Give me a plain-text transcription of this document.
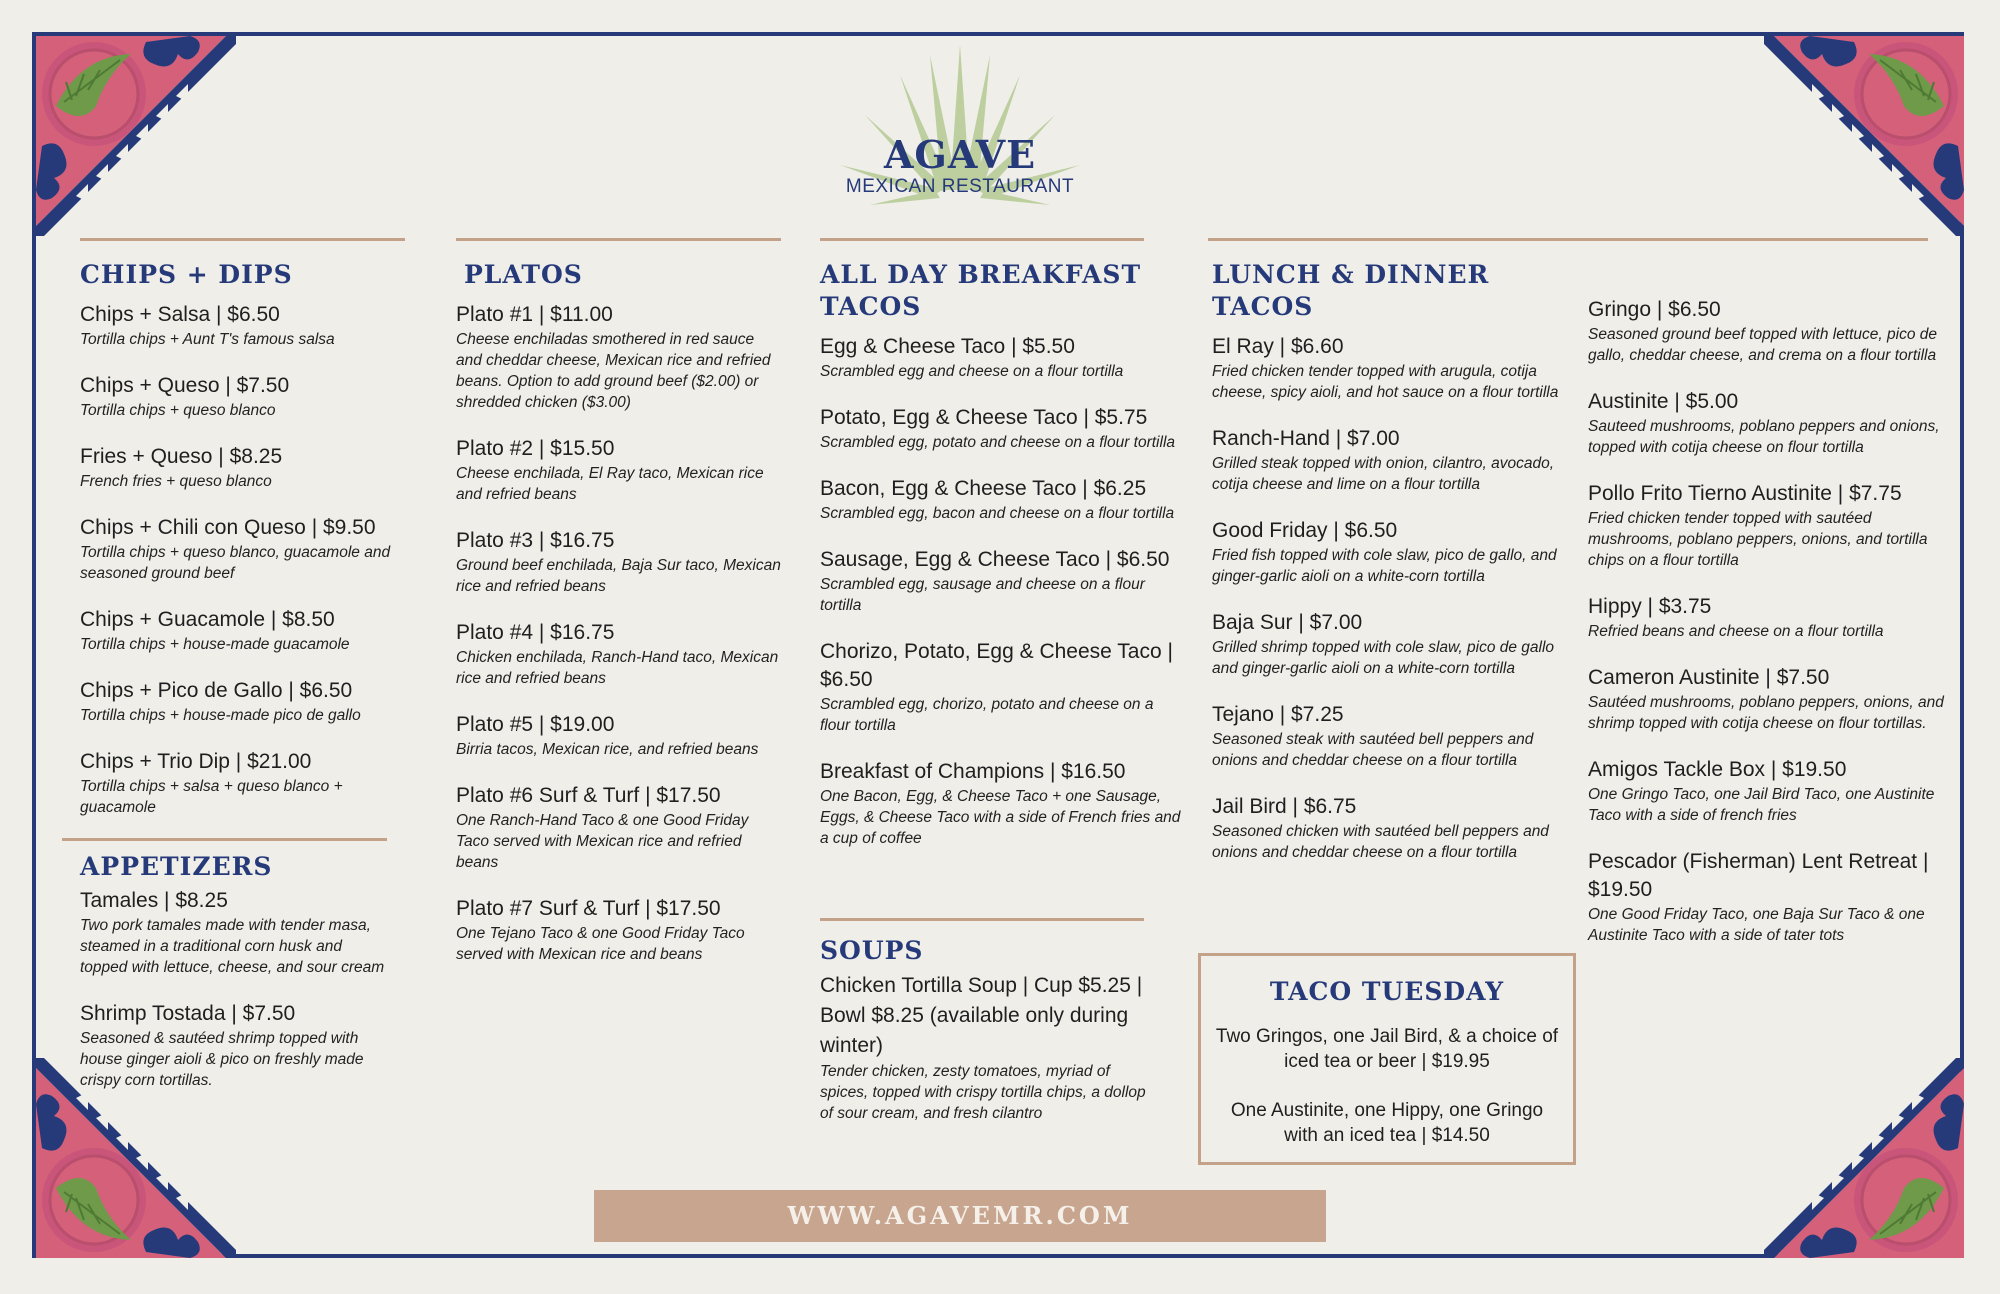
AGAVE
MEXICAN RESTAURANT
CHIPS + DIPS
Chips + Salsa | $6.50
Tortilla chips + Aunt T's famous salsa
Chips + Queso | $7.50
Tortilla chips + queso blanco
Fries + Queso | $8.25
French fries + queso blanco
Chips + Chili con Queso | $9.50
Tortilla chips + queso blanco, guacamole and seasoned ground beef
Chips + Guacamole | $8.50
Tortilla chips + house-made guacamole
Chips + Pico de Gallo | $6.50
Tortilla chips + house-made pico de gallo
Chips + Trio Dip | $21.00
Tortilla chips + salsa + queso blanco + guacamole
APPETIZERS
Tamales | $8.25
Two pork tamales made with tender masa, steamed in a traditional corn husk and topped with lettuce, cheese, and sour cream
Shrimp Tostada | $7.50
Seasoned & sautéed shrimp topped with house ginger aioli & pico on freshly made crispy corn tortillas.
PLATOS
Plato #1 | $11.00
Cheese enchiladas smothered in red sauce and cheddar cheese, Mexican rice and refried beans. Option to add ground beef ($2.00) or shredded chicken ($3.00)
Plato #2 | $15.50
Cheese enchilada, El Ray taco, Mexican rice and refried beans
Plato #3 | $16.75
Ground beef enchilada, Baja Sur taco, Mexican rice and refried beans
Plato #4 | $16.75
Chicken enchilada, Ranch-Hand taco, Mexican rice and refried beans
Plato #5 | $19.00
Birria tacos, Mexican rice, and refried beans
Plato #6 Surf & Turf | $17.50
One Ranch-Hand Taco & one Good Friday Taco served with Mexican rice and refried beans
Plato #7 Surf & Turf | $17.50
One Tejano Taco & one Good Friday Taco served with Mexican rice and beans
ALL DAY BREAKFAST TACOS
Egg & Cheese Taco | $5.50
Scrambled egg and cheese on a flour tortilla
Potato, Egg & Cheese Taco | $5.75
Scrambled egg, potato and cheese on a flour tortilla
Bacon, Egg & Cheese Taco | $6.25
Scrambled egg, bacon and cheese on a flour tortilla
Sausage, Egg & Cheese Taco | $6.50
Scrambled egg, sausage and cheese on a flour tortilla
Chorizo, Potato, Egg & Cheese Taco | $6.50
Scrambled egg, chorizo, potato and cheese on a flour tortilla
Breakfast of Champions | $16.50
One Bacon, Egg, & Cheese Taco + one Sausage, Eggs, & Cheese Taco with a side of French fries and a cup of coffee
SOUPS
Chicken Tortilla Soup | Cup $5.25 | Bowl $8.25 (available only during winter)
Tender chicken, zesty tomatoes, myriad of spices, topped with crispy tortilla chips, a dollop of sour cream, and fresh cilantro
LUNCH & DINNER TACOS
El Ray | $6.60
Fried chicken tender topped with arugula, cotija cheese, spicy aioli, and hot sauce on a flour tortilla
Ranch-Hand | $7.00
Grilled steak topped with onion, cilantro, avocado, cotija cheese and lime on a flour tortilla
Good Friday | $6.50
Fried fish topped with cole slaw, pico de gallo, and ginger-garlic aioli on a white-corn tortilla
Baja Sur | $7.00
Grilled shrimp topped with cole slaw, pico de gallo and ginger-garlic aioli on a white-corn tortilla
Tejano | $7.25
Seasoned steak with sautéed bell peppers and onions and cheddar cheese on a flour tortilla
Jail Bird | $6.75
Seasoned chicken with sautéed bell peppers and onions and cheddar cheese on a flour tortilla
Gringo | $6.50
Seasoned ground beef topped with lettuce, pico de gallo, cheddar cheese, and crema on a flour tortilla
Austinite | $5.00
Sauteed mushrooms, poblano peppers and onions, topped with cotija cheese on flour tortilla
Pollo Frito Tierno Austinite | $7.75
Fried chicken tender topped with sautéed mushrooms, poblano peppers, onions, and tortilla chips on a flour tortilla
Hippy | $3.75
Refried beans and cheese on a flour tortilla
Cameron Austinite | $7.50
Sautéed mushrooms, poblano peppers, onions, and shrimp topped with cotija cheese on flour tortillas.
Amigos Tackle Box | $19.50
One Gringo Taco, one Jail Bird Taco, one Austinite Taco with a side of french fries
Pescador (Fisherman) Lent Retreat | $19.50
One Good Friday Taco, one Baja Sur Taco & one Austinite Taco with a side of tater tots
TACO TUESDAY
Two Gringos, one Jail Bird, & a choice of iced tea or beer | $19.95
One Austinite, one Hippy, one Gringo with an iced tea | $14.50
WWW.AGAVEMR.COM
